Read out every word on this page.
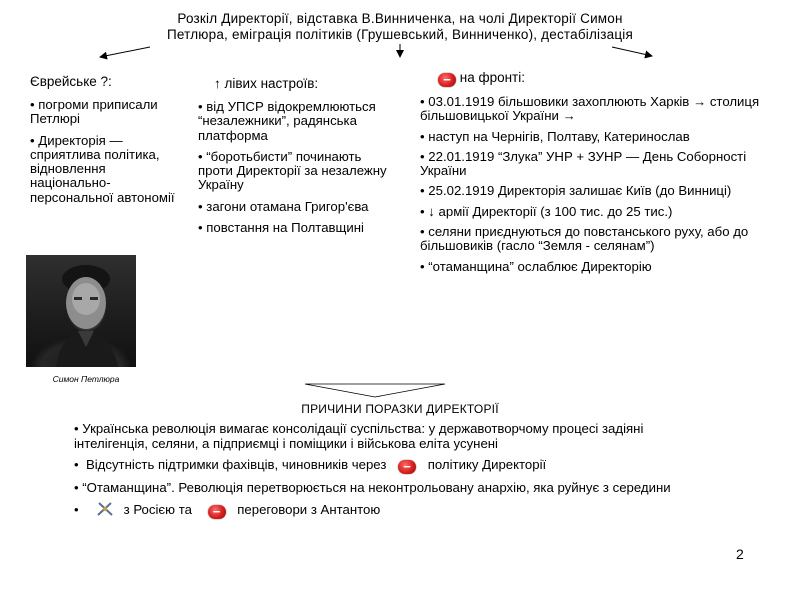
Розкіл Директорії, відставка В.Винниченка, на чолі Директорії Симон
Петлюра, еміграція політиків (Грушевський, Винниченко), дестабілізація
Єврейське ?:
• погроми приписали Петлюрі
• Директорія — сприятлива політика, відновлення національно-персональної автономії
↑ лівих настроїв:
• від УПСР відокремлюються “незалежники”, радянська платформа
• “боротьбисти” починають проти Директорії за незалежну Україну
• загони отамана Григор'єва
• повстання на Полтавщині
− на фронті:
• 03.01.1919 більшовики захоплюють Харків → столиця більшовицької України →
• наступ на Чернігів, Полтаву, Катеринослав
• 22.01.1919 “Злука” УНР + ЗУНР — День Соборності України
• 25.02.1919 Директорія залишає Київ (до Винниці)
• ↓ армії Директорії (з 100 тис. до 25 тис.)
• селяни приєднуються до повстанського руху, або до більшовиків (гасло “Земля - селянам”)
• “отаманщина” ослаблює Директорію
Симон Петлюра
ПРИЧИНИ ПОРАЗКИ ДИРЕКТОРІЇ
• Українська революція вимагає консолідації суспільства: у державотворчому процесі задіяні інтелігенція, селяни, а підприємці і поміщики і військова еліта усунені
• Відсутність підтримки фахівців, чиновників через − політику Директорії
• “Отаманщина”. Революція перетворюється на неконтрольовану анархію, яка руйнує з середини
• з Росією та − переговори з Антантою
2
